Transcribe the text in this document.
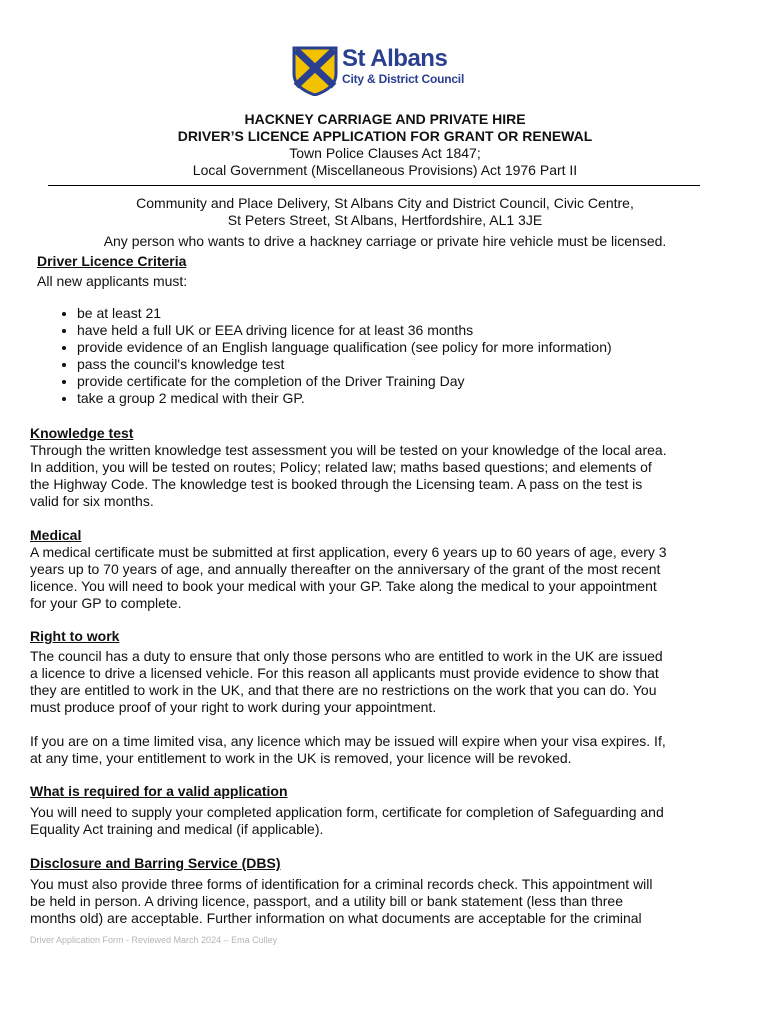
St Albans
City & District Council
HACKNEY CARRIAGE AND PRIVATE HIRE
DRIVER’S LICENCE APPLICATION FOR GRANT OR RENEWAL
Town Police Clauses Act 1847;
Local Government (Miscellaneous Provisions) Act 1976 Part II
Community and Place Delivery, St Albans City and District Council, Civic Centre,
St Peters Street, St Albans, Hertfordshire, AL1 3JE
Any person who wants to drive a hackney carriage or private hire vehicle must be licensed.
Driver Licence Criteria
All new applicants must:
• be at least 21
• have held a full UK or EEA driving licence for at least 36 months
• provide evidence of an English language qualification (see policy for more information)
• pass the council's knowledge test
• provide certificate for the completion of the Driver Training Day
• take a group 2 medical with their GP.
Knowledge test
Through the written knowledge test assessment you will be tested on your knowledge of the local area.
In addition, you will be tested on routes; Policy; related law; maths based questions; and elements of
the Highway Code. The knowledge test is booked through the Licensing team. A pass on the test is
valid for six months.
Medical
A medical certificate must be submitted at first application, every 6 years up to 60 years of age, every 3
years up to 70 years of age, and annually thereafter on the anniversary of the grant of the most recent
licence. You will need to book your medical with your GP. Take along the medical to your appointment
for your GP to complete.
Right to work
The council has a duty to ensure that only those persons who are entitled to work in the UK are issued
a licence to drive a licensed vehicle. For this reason all applicants must provide evidence to show that
they are entitled to work in the UK, and that there are no restrictions on the work that you can do. You
must produce proof of your right to work during your appointment.
If you are on a time limited visa, any licence which may be issued will expire when your visa expires. If,
at any time, your entitlement to work in the UK is removed, your licence will be revoked.
What is required for a valid application
You will need to supply your completed application form, certificate for completion of Safeguarding and
Equality Act training and medical (if applicable).
Disclosure and Barring Service (DBS)
You must also provide three forms of identification for a criminal records check. This appointment will
be held in person. A driving licence, passport, and a utility bill or bank statement (less than three
months old) are acceptable. Further information on what documents are acceptable for the criminal
Driver Application Form - Reviewed March 2024 – Ema Culley
